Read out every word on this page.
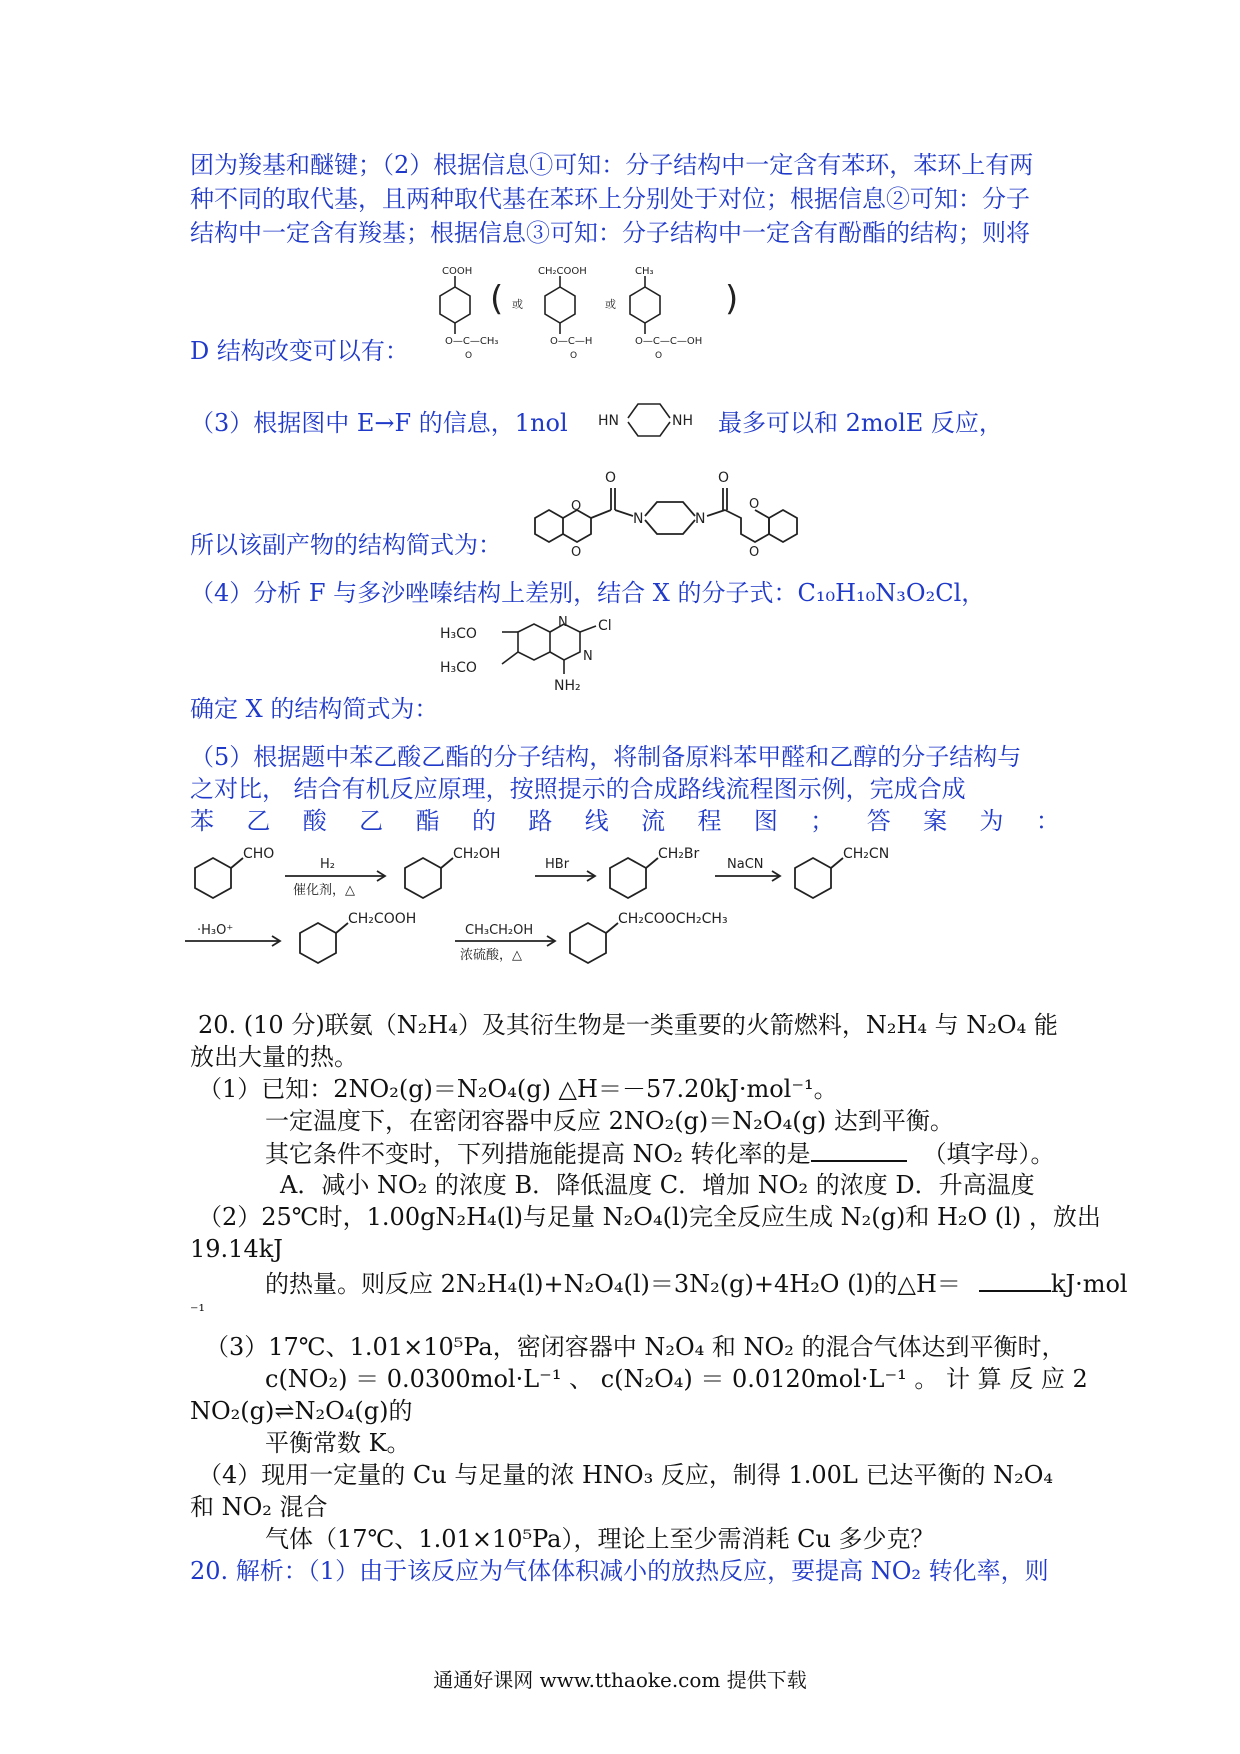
团为羧基和醚键；（2）根据信息①可知：分子结构中一定含有苯环，苯环上有两
种不同的取代基，且两种取代基在苯环上分别处于对位；根据信息②可知：分子
结构中一定含有羧基；根据信息③可知：分子结构中一定含有酚酯的结构；则将
COOH
O—C—CH₃
O
( 或
CH₂COOH
O—C—H
O
或
CH₃
O—C—C—OH
O
)
D 结构改变可以有：
（3）根据图中 E→F 的信息，1nol HN	NH 最多可以和 2molE 反应，
O	O
N	N
O
O
O
O
所以该副产物的结构简式为：
（4）分析 F 与多沙唑嗪结构上差别，结合 X 的分子式：C₁₀H₁₀N₃O₂Cl，
H₃CO
H₃CO
N
N
Cl
NH₂
确定 X 的结构简式为：
（5）根据题中苯乙酸乙酯的分子结构，将制备原料苯甲醛和乙醇的分子结构与
之对比， 结合有机反应原理，按照提示的合成路线流程图示例，完成合成
苯 乙 酸 乙 酯 的 路 线 流 程 图 ； 答 案 为 ：
CHO
H₂
催化剂，△
CH₂OH
HBr
CH₂Br
NaCN
CH₂CN
·H₃O⁺
CH₂COOH
CH₃CH₂OH
浓硫酸，△
CH₂COOCH₂CH₃
20. (10 分)联氨（N₂H₄）及其衍生物是一类重要的火箭燃料，N₂H₄ 与 N₂O₄ 能
放出大量的热。
（1）已知：2NO₂(g)＝N₂O₄(g) △H＝－57.20kJ·mol⁻¹。
一定温度下，在密闭容器中反应 2NO₂(g)＝N₂O₄(g) 达到平衡。
其它条件不变时，下列措施能提高 NO₂ 转化率的是	（填字母）。
A．减小 NO₂ 的浓度 B．降低温度 C．增加 NO₂ 的浓度 D．升高温度
（2）25℃时，1.00gN₂H₄(l)与足量 N₂O₄(l)完全反应生成 N₂(g)和 H₂O (l) ，放出
19.14kJ
的热量。则反应 2N₂H₄(l)+N₂O₄(l)＝3N₂(g)+4H₂O (l)的△H＝	kJ·mol
⁻¹
（3）17℃、1.01×10⁵Pa，密闭容器中 N₂O₄ 和 NO₂ 的混合气体达到平衡时，
c(NO₂) ＝ 0.0300mol·L⁻¹ 、 c(N₂O₄) ＝ 0.0120mol·L⁻¹ 。 计 算 反 应 2
NO₂(g)⇌N₂O₄(g)的
平衡常数 K。
（4）现用一定量的 Cu 与足量的浓 HNO₃ 反应，制得 1.00L 已达平衡的 N₂O₄
和 NO₂ 混合
气体（17℃、1.01×10⁵Pa），理论上至少需消耗 Cu 多少克？
20. 解析：（1）由于该反应为气体体积减小的放热反应，要提高 NO₂ 转化率，则
通通好课网 www.tthaoke.com 提供下载
